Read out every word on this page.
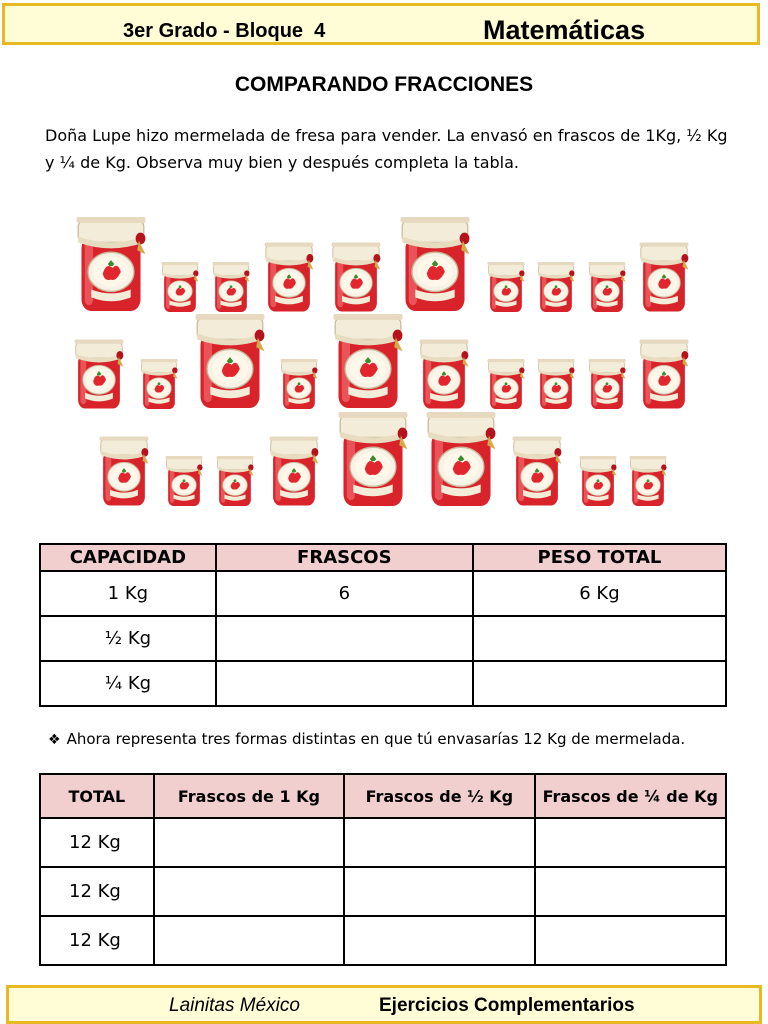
3er Grado - Bloque  4	Matemáticas
COMPARANDO FRACCIONES
Doña Lupe hizo mermelada de fresa para vender. La envasó en frascos de 1Kg, ½ Kg
y ¼ de Kg. Observa muy bien y después completa la tabla.
CAPACIDAD	FRASCOS	PESO TOTAL
1 Kg	6	6 Kg
½ Kg		
¼ Kg		
❖ Ahora representa tres formas distintas en que tú envasarías 12 Kg de mermelada.
TOTAL	Frascos de 1 Kg	Frascos de ½ Kg	Frascos de ¼ de Kg
12 Kg			
12 Kg			
12 Kg			
Lainitas México	Ejercicios Complementarios
